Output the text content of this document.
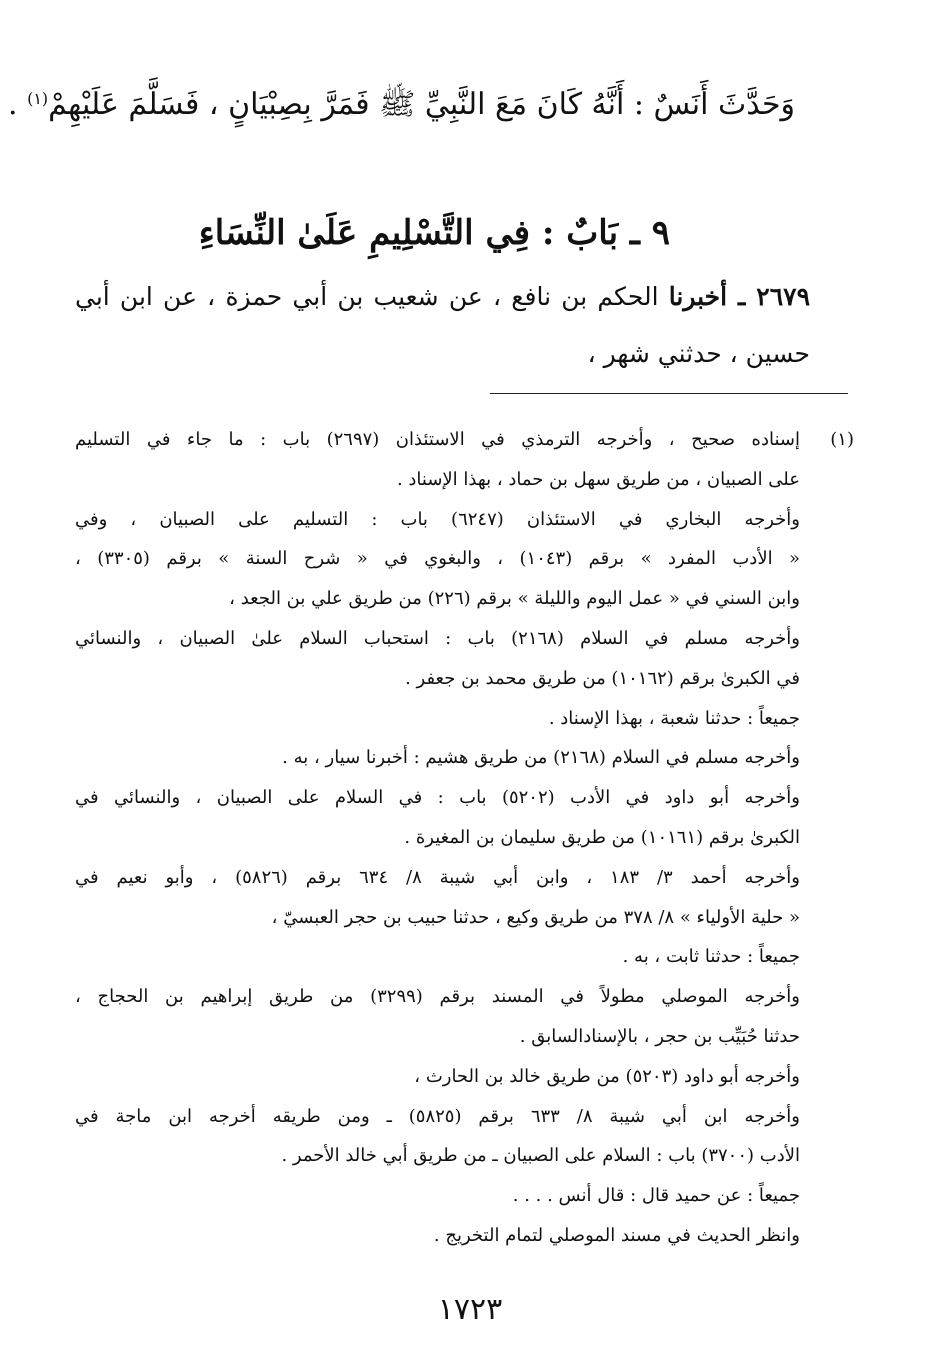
وَحَدَّثَ أَنَسٌ : أَنَّهُ كَانَ مَعَ النَّبِيِّ ﷺ فَمَرَّ بِصِبْيَانٍ ، فَسَلَّمَ عَلَيْهِمْ$^{(١)}$ .
٩ ـ بَابٌ : فِي التَّسْلِيمِ عَلَىٰ النِّسَاءِ
٢٦٧٩ ـ أخبرنا الحكم بن نافع ، عن شعيب بن أبي حمزة ، عن ابن أبي حسين ، حدثني شهر ،
(١)
إسناده صحيح ، وأخرجه الترمذي في الاستئذان (٢٦٩٧) باب : ما جاء في التسليم
على الصبيان ، من طريق سهل بن حماد ، بهذا الإسناد .
وأخرجه البخاري في الاستئذان (٦٢٤٧) باب : التسليم على الصبيان ، وفي
« الأدب المفرد » برقم (١٠٤٣) ، والبغوي في « شرح السنة » برقم (٣٣٠٥) ،
وابن السني في « عمل اليوم والليلة » برقم (٢٢٦) من طريق علي بن الجعد ،
وأخرجه مسلم في السلام (٢١٦٨) باب : استحباب السلام علىٰ الصبيان ، والنسائي
في الكبرىٰ برقم (١٠١٦٢) من طريق محمد بن جعفر .
جميعاً : حدثنا شعبة ، بهذا الإسناد .
وأخرجه مسلم في السلام (٢١٦٨) من طريق هشيم : أخبرنا سيار ، به .
وأخرجه أبو داود في الأدب (٥٢٠٢) باب : في السلام على الصبيان ، والنسائي في
الكبرىٰ برقم (١٠١٦١) من طريق سليمان بن المغيرة .
وأخرجه أحمد ٣/ ١٨٣ ، وابن أبي شيبة ٨/ ٦٣٤ برقم (٥٨٢٦) ، وأبو نعيم في
« حلية الأولياء » ٨/ ٣٧٨ من طريق وكيع ، حدثنا حبيب بن حجر العبسيّ ،
جميعاً : حدثنا ثابت ، به .
وأخرجه الموصلي مطولاً في المسند برقم (٣٢٩٩) من طريق إبراهيم بن الحجاج ،
حدثنا حُبَيِّب بن حجر ، بالإسنادالسابق .
وأخرجه أبو داود (٥٢٠٣) من طريق خالد بن الحارث ،
وأخرجه ابن أبي شيبة ٨/ ٦٣٣ برقم (٥٨٢٥) ـ ومن طريقه أخرجه ابن ماجة في
الأدب (٣٧٠٠) باب : السلام على الصبيان ـ من طريق أبي خالد الأحمر .
جميعاً : عن حميد قال : قال أنس . . . .
وانظر الحديث في مسند الموصلي لتمام التخريج .
١٧٢٣
